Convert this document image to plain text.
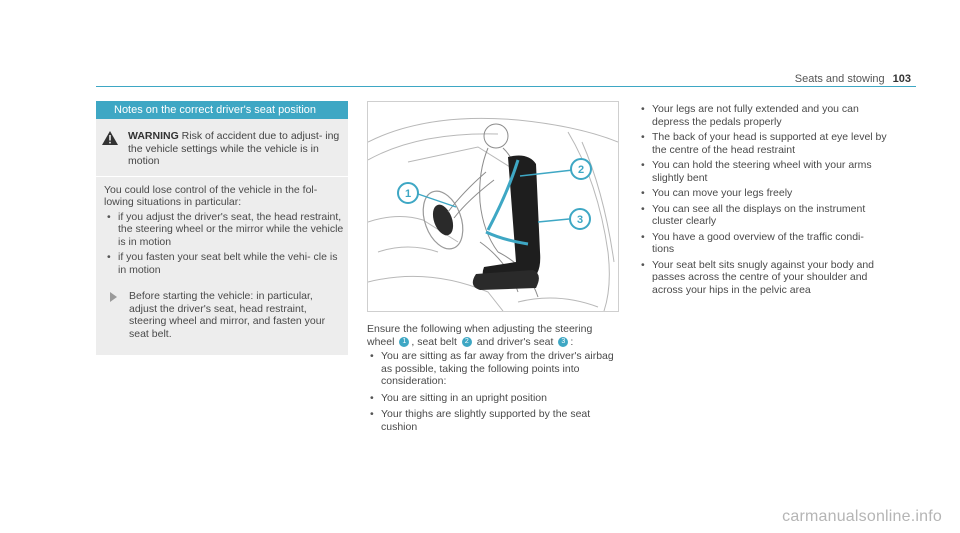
Seats and stowing 103
Notes on the correct driver's seat position
WARNING Risk of accident due to adjust- ing the vehicle settings while the vehicle is in motion
You could lose control of the vehicle in the fol- lowing situations in particular:
• if you adjust the driver's seat, the head restraint, the steering wheel or the mirror while the vehicle is in motion
• if you fasten your seat belt while the vehi- cle is in motion
Before starting the vehicle: in particular, adjust the driver's seat, head restraint, steering wheel and mirror, and fasten your seat belt.
1
2
3
Ensure the following when adjusting the steering wheel 1 , seat belt 2 and driver's seat 3 :
• You are sitting as far away from the driver's airbag as possible, taking the following points into consideration:
• You are sitting in an upright position
• Your thighs are slightly supported by the seat cushion
• Your legs are not fully extended and you can depress the pedals properly
• The back of your head is supported at eye level by the centre of the head restraint
• You can hold the steering wheel with your arms slightly bent
• You can move your legs freely
• You can see all the displays on the instrument cluster clearly
• You have a good overview of the traffic condi- tions
• Your seat belt sits snugly against your body and passes across the centre of your shoulder and across your hips in the pelvic area
carmanualsonline.info
